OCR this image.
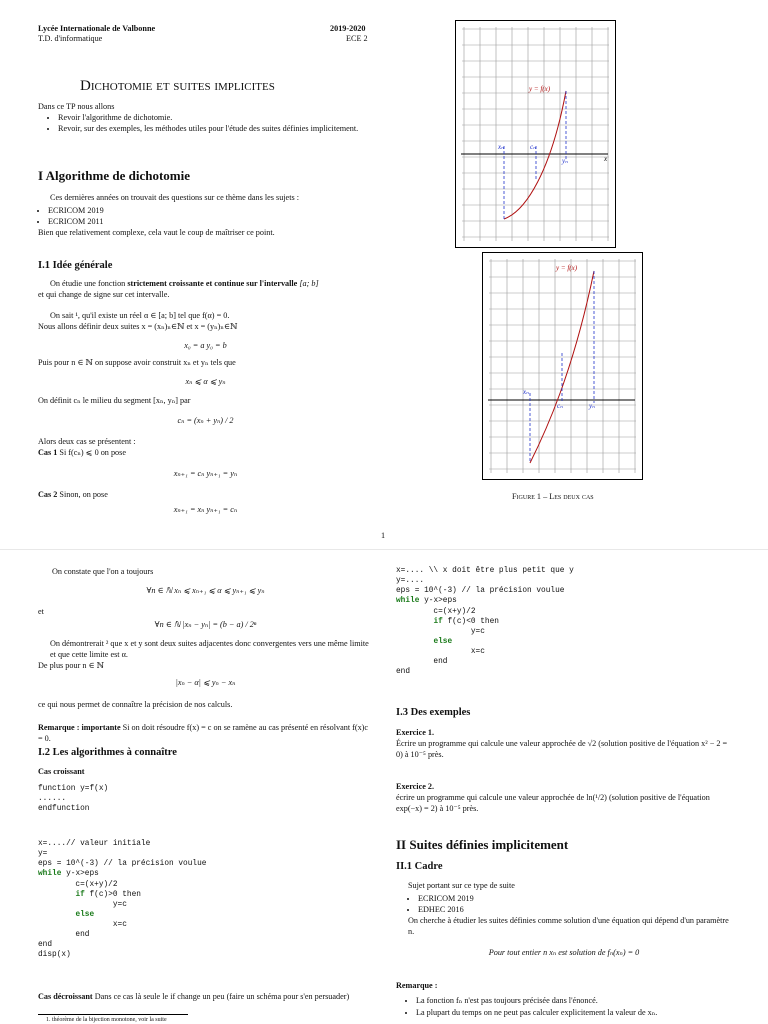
Lycée Internationale de Valbonne
T.D. d'informatique
2019-2020
ECE 2
Dichotomie et suites implicites
Dans ce TP nous allons
• Revoir l'algorithme de dichotomie.
• Revoir, sur des exemples, les méthodes utiles pour l'étude des suites définies implicitement.
I Algorithme de dichotomie
Ces dernières années on trouvait des questions sur ce thème dans les sujets :
• ECRICOM 2019
• ECRICOM 2011
Bien que relativement complexe, cela vaut le coup de maîtriser ce point.
I.1 Idée générale
On étudie une fonction strictement croissante et continue sur l'intervalle [a; b]
et qui change de signe sur cet intervalle.
On sait ¹, qu'il existe un réel α ∈ [a; b] tel que f(α) = 0.
Nous allons définir deux suites x = (xₙ)ₙ∈ℕ et x = (yₙ)ₙ∈ℕ
x₀ = a y₀ = b
Puis pour n ∈ ℕ on suppose avoir construit xₙ et yₙ tels que
xₙ ⩽ α ⩽ yₙ
On définit cₙ le milieu du segment [xₙ, yₙ] par
cₙ = (xₙ + yₙ) / 2
Alors deux cas se présentent :
Cas 1 Si f(cₙ) ⩽ 0 on pose
xₙ₊₁ = cₙ yₙ₊₁ = yₙ
Cas 2 Sinon, on pose
xₙ₊₁ = xₙ yₙ₊₁ = cₙ
y = f(x)
x
xₙ	cₙ
yₙ
y = f(x)
xₙ
cₙ	yₙ
Figure 1 – Les deux cas
1
On constate que l'on a toujours
∀n ∈ ℕ xₙ ⩽ xₙ₊₁ ⩽ α ⩽ yₙ₊₁ ⩽ yₙ
et
∀n ∈ ℕ |xₙ − yₙ| = (b − a) / 2ⁿ
On démontrerait ² que x et y sont deux suites adjacentes donc convergentes vers une même limite et que cette limite est α.
De plus pour n ∈ ℕ
|xₙ − α| ⩽ yₙ − xₙ
ce qui nous permet de connaître la précision de nos calculs.
Remarque : importante Si on doit résoudre f(x) = c on se ramène au cas présenté en résolvant f(x)c = 0.
I.2 Les algorithmes à connaître
Cas croissant
function y=f(x)
......
endfunction
x=....// valeur initiale
y=
eps = 10^(-3) // la précision voulue
while y-x>eps
c=(x+y)/2
if f(c)>0 then
y=c
else
x=c
end
end
disp(x)
Cas décroissant Dans ce cas là seule le if change un peu (faire un schéma pour s'en persuader)
1. théorème de la bijection monotone, voir la suite
x=.... \\ x doit être plus petit que y
y=....
eps = 10^(-3) // la précision voulue
while y-x>eps
c=(x+y)/2
if f(c)<0 then
y=c
else
x=c
end
end
I.3 Des exemples
Exercice 1.
Écrire un programme qui calcule une valeur approchée de √2 (solution positive de l'équation x² − 2 = 0) à 10⁻⁵ près.
Exercice 2.
écrire un programme qui calcule une valeur approchée de ln(¹/2) (solution positive de l'équation exp(−x) = 2) à 10⁻⁵ près.
II Suites définies implicitement
II.1 Cadre
Sujet portant sur ce type de suite
• ECRICOM 2019
• EDHEC 2016
On cherche à étudier les suites définies comme solution d'une équation qui dépend d'un paramètre n.
Pour tout entier n xₙ est solution de fₙ(xₙ) = 0
Remarque :
• La fonction fₙ n'est pas toujours précisée dans l'énoncé.
• La plupart du temps on ne peut pas calculer explicitement la valeur de xₙ.
